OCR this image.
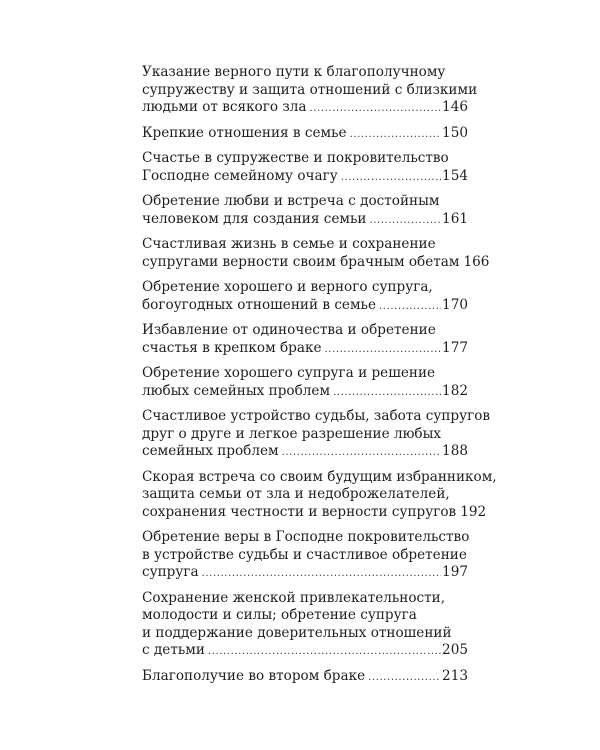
Указание верного пути к благополучному
супружеству и защита отношений с близкими
людьми от всякого зла .....	146
Крепкие отношения в семье .....	150
Счастье в супружестве и покровительство
Господне семейному очагу .....	154
Обретение любви и встреча с достойным
человеком для создания семьи .....	161
Счастливая жизнь в семье и сохранение
супругами верности своим брачным обетам 166
Обретение хорошего и верного супруга,
богоугодных отношений в семье .....	170
Избавление от одиночества и обретение
счастья в крепком браке .....	177
Обретение хорошего супруга и решение
любых семейных проблем .....	182
Счастливое устройство судьбы, забота супругов
друг о друге и легкое разрешение любых
семейных проблем .....	188
Скорая встреча со своим будущим избранником,
защита семьи от зла и недоброжелателей,
сохранения честности и верности супругов 192
Обретение веры в Господне покровительство
в устройстве судьбы и счастливое обретение
супруга .....	197
Сохранение женской привлекательности,
молодости и силы; обретение супруга
и поддержание доверительных отношений
с детьми .....	205
Благополучие во втором браке .....	213
